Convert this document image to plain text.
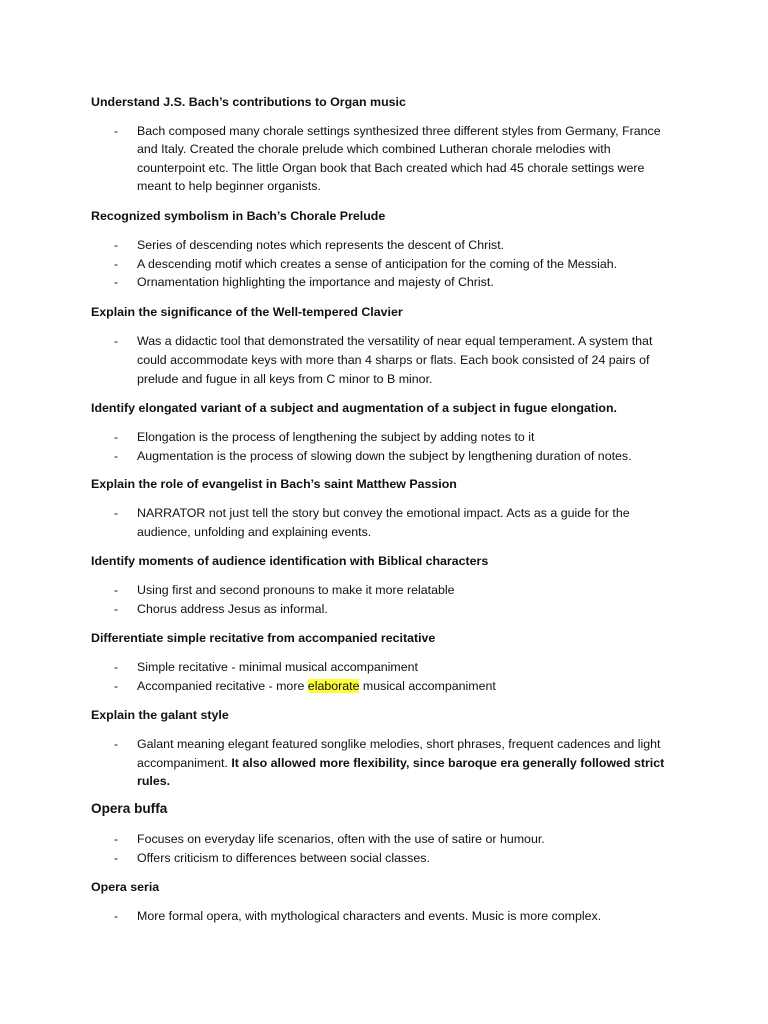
Understand J.S. Bach’s contributions to Organ music
- Bach composed many chorale settings synthesized three different styles from Germany, France
and Italy. Created the chorale prelude which combined Lutheran chorale melodies with
counterpoint etc. The little Organ book that Bach created which had 45 chorale settings were
meant to help beginner organists.
Recognized symbolism in Bach’s Chorale Prelude
- Series of descending notes which represents the descent of Christ.
- A descending motif which creates a sense of anticipation for the coming of the Messiah.
- Ornamentation highlighting the importance and majesty of Christ.
Explain the significance of the Well-tempered Clavier
- Was a didactic tool that demonstrated the versatility of near equal temperament. A system that
could accommodate keys with more than 4 sharps or flats. Each book consisted of 24 pairs of
prelude and fugue in all keys from C minor to B minor.
Identify elongated variant of a subject and augmentation of a subject in fugue elongation.
- Elongation is the process of lengthening the subject by adding notes to it
- Augmentation is the process of slowing down the subject by lengthening duration of notes.
Explain the role of evangelist in Bach’s saint Matthew Passion
- NARRATOR not just tell the story but convey the emotional impact. Acts as a guide for the
audience, unfolding and explaining events.
Identify moments of audience identification with Biblical characters
- Using first and second pronouns to make it more relatable
- Chorus address Jesus as informal.
Differentiate simple recitative from accompanied recitative
- Simple recitative - minimal musical accompaniment
- Accompanied recitative - more elaborate musical accompaniment
Explain the galant style
- Galant meaning elegant featured songlike melodies, short phrases, frequent cadences and light
accompaniment. It also allowed more flexibility, since baroque era generally followed strict
rules.
Opera buffa
- Focuses on everyday life scenarios, often with the use of satire or humour.
- Offers criticism to differences between social classes.
Opera seria
- More formal opera, with mythological characters and events. Music is more complex.
